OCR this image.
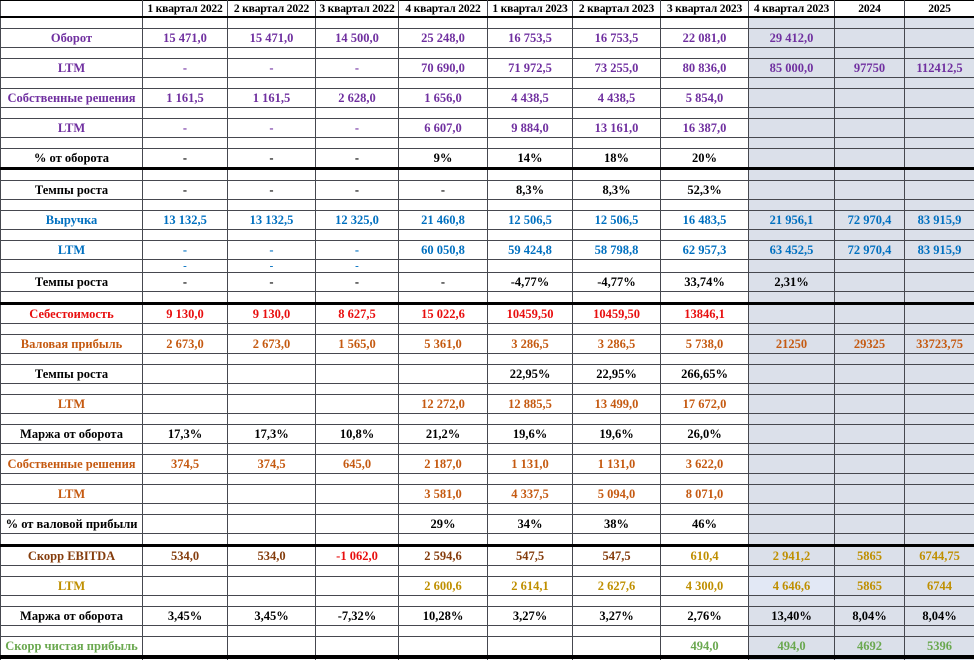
	1 квартал 2022	2 квартал 2022	3 квартал 2022	4 квартал 2022	1 квартал 2023	2 квартал 2023	3 квартал 2023	4 квартал 2023	2024	2025

Оборот	15 471,0	15 471,0	14 500,0	25 248,0	16 753,5	16 753,5	22 081,0	29 412,0		

LTM	-	-	-	70 690,0	71 972,5	73 255,0	80 836,0	85 000,0	97750	112412,5

Собственные решения	1 161,5	1 161,5	2 628,0	1 656,0	4 438,5	4 438,5	5 854,0			

LTM	-	-	-	6 607,0	9 884,0	13 161,0	16 387,0			

% от оборота	-	-	-	9%	14%	18%	20%			

Темпы роста	-	-	-	-	8,3%	8,3%	52,3%			

Выручка	13 132,5	13 132,5	12 325,0	21 460,8	12 506,5	12 506,5	16 483,5	21 956,1	72 970,4	83 915,9

LTM	-	-	-	60 050,8	59 424,8	58 798,8	62 957,3	63 452,5	72 970,4	83 915,9
	-	-	-							
Темпы роста	-	-	-	-	-4,77%	-4,77%	33,74%	2,31%		

Себестоимость	9 130,0	9 130,0	8 627,5	15 022,6	10459,50	10459,50	13846,1			

Валовая прибыль	2 673,0	2 673,0	1 565,0	5 361,0	3 286,5	3 286,5	5 738,0	21250	29325	33723,75

Темпы роста					22,95%	22,95%	266,65%			

LTM				12 272,0	12 885,5	13 499,0	17 672,0			

Маржа от оборота	17,3%	17,3%	10,8%	21,2%	19,6%	19,6%	26,0%			

Собственные решения	374,5	374,5	645,0	2 187,0	1 131,0	1 131,0	3 622,0			

LTM				3 581,0	4 337,5	5 094,0	8 071,0			

% от валовой прибыли				29%	34%	38%	46%			

Скорр EBITDA	534,0	534,0	-1 062,0	2 594,6	547,5	547,5	610,4	2 941,2	5865	6744,75

LTM				2 600,6	2 614,1	2 627,6	4 300,0	4 646,6	5865	6744

Маржа от оборота	3,45%	3,45%	-7,32%	10,28%	3,27%	3,27%	2,76%	13,40%	8,04%	8,04%

Скорр чистая прибыль							494,0	494,0	4692	5396
